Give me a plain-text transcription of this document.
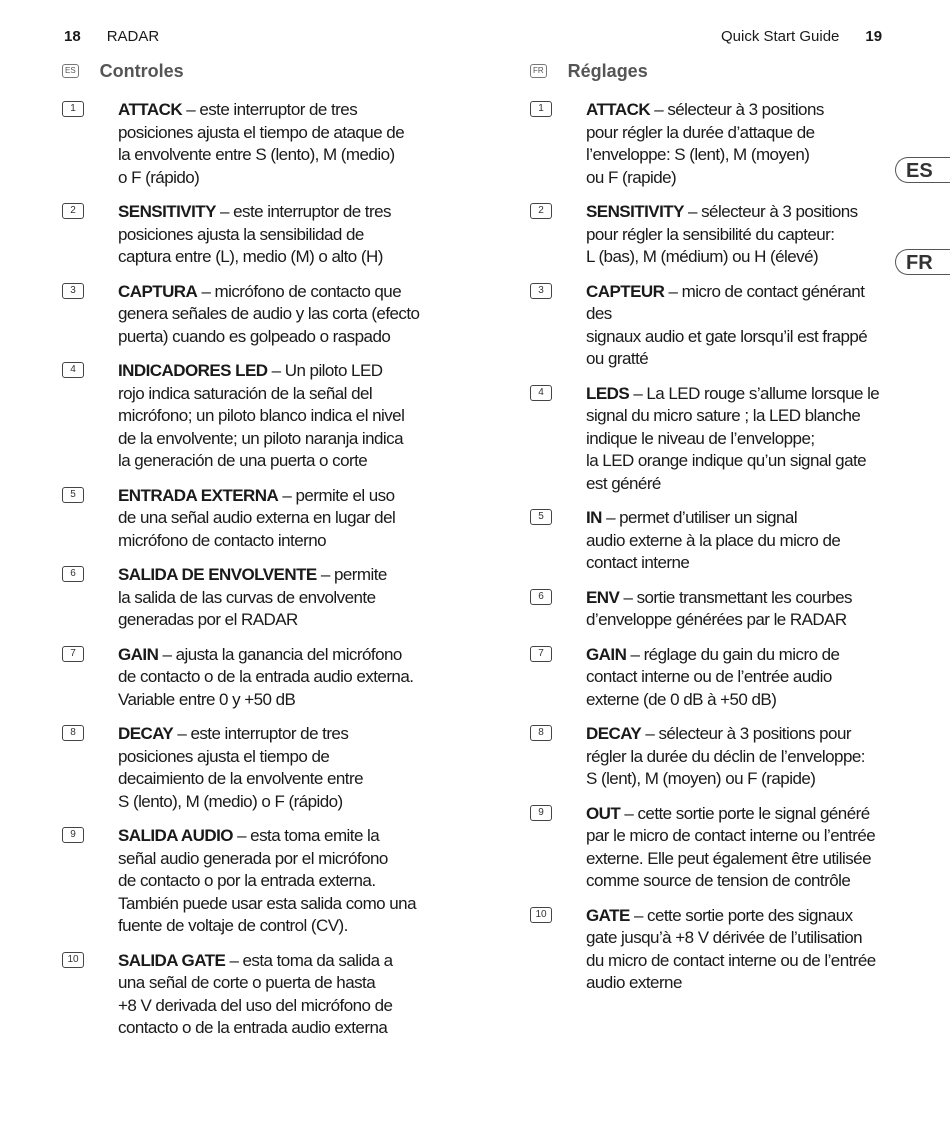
18 RADAR	Quick Start Guide 19
ES Controles
1	ATTACK – este interruptor de tres
posiciones ajusta el tiempo de ataque de
la envolvente entre S (lento), M (medio)
o F (rápido)
2	SENSITIVITY – este interruptor de tres
posiciones ajusta la sensibilidad de
captura entre (L), medio (M) o alto (H)
3	CAPTURA – micrófono de contacto que
genera señales de audio y las corta (efecto
puerta) cuando es golpeado o raspado
4	INDICADORES LED – Un piloto LED
rojo indica saturación de la señal del
micrófono; un piloto blanco indica el nivel
de la envolvente; un piloto naranja indica
la generación de una puerta o corte
5	ENTRADA EXTERNA – permite el uso
de una señal audio externa en lugar del
micrófono de contacto interno
6	SALIDA DE ENVOLVENTE – permite
la salida de las curvas de envolvente
generadas por el RADAR
7	GAIN – ajusta la ganancia del micrófono
de contacto o de la entrada audio externa.
Variable entre 0 y +50 dB
8	DECAY – este interruptor de tres
posiciones ajusta el tiempo de
decaimiento de la envolvente entre
S (lento), M (medio) o F (rápido)
9	SALIDA AUDIO – esta toma emite la
señal audio generada por el micrófono
de contacto o por la entrada externa.
También puede usar esta salida como una
fuente de voltaje de control (CV).
10	SALIDA GATE – esta toma da salida a
una señal de corte o puerta de hasta
+8 V derivada del uso del micrófono de
contacto o de la entrada audio externa
FR Réglages
1	ATTACK – sélecteur à 3 positions
pour régler la durée d’attaque de
l’enveloppe: S (lent), M (moyen)
ou F (rapide)
2	SENSITIVITY – sélecteur à 3 positions
pour régler la sensibilité du capteur:
L (bas), M (médium) ou H (élevé)
3	CAPTEUR – micro de contact générant des
signaux audio et gate lorsqu’il est frappé
ou gratté
4	LEDS – La LED rouge s’allume lorsque le
signal du micro sature ; la LED blanche
indique le niveau de l’enveloppe;
la LED orange indique qu’un signal gate
est généré
5	IN – permet d’utiliser un signal
audio externe à la place du micro de
contact interne
6	ENV – sortie transmettant les courbes
d’enveloppe générées par le RADAR
7	GAIN – réglage du gain du micro de
contact interne ou de l’entrée audio
externe (de 0 dB à +50 dB)
8	DECAY – sélecteur à 3 positions pour
régler la durée du déclin de l’enveloppe:
S (lent), M (moyen) ou F (rapide)
9	OUT – cette sortie porte le signal généré
par le micro de contact interne ou l’entrée
externe. Elle peut également être utilisée
comme source de tension de contrôle
10	GATE – cette sortie porte des signaux
gate jusqu’à +8 V dérivée de l’utilisation
du micro de contact interne ou de l’entrée
audio externe
ES
FR
